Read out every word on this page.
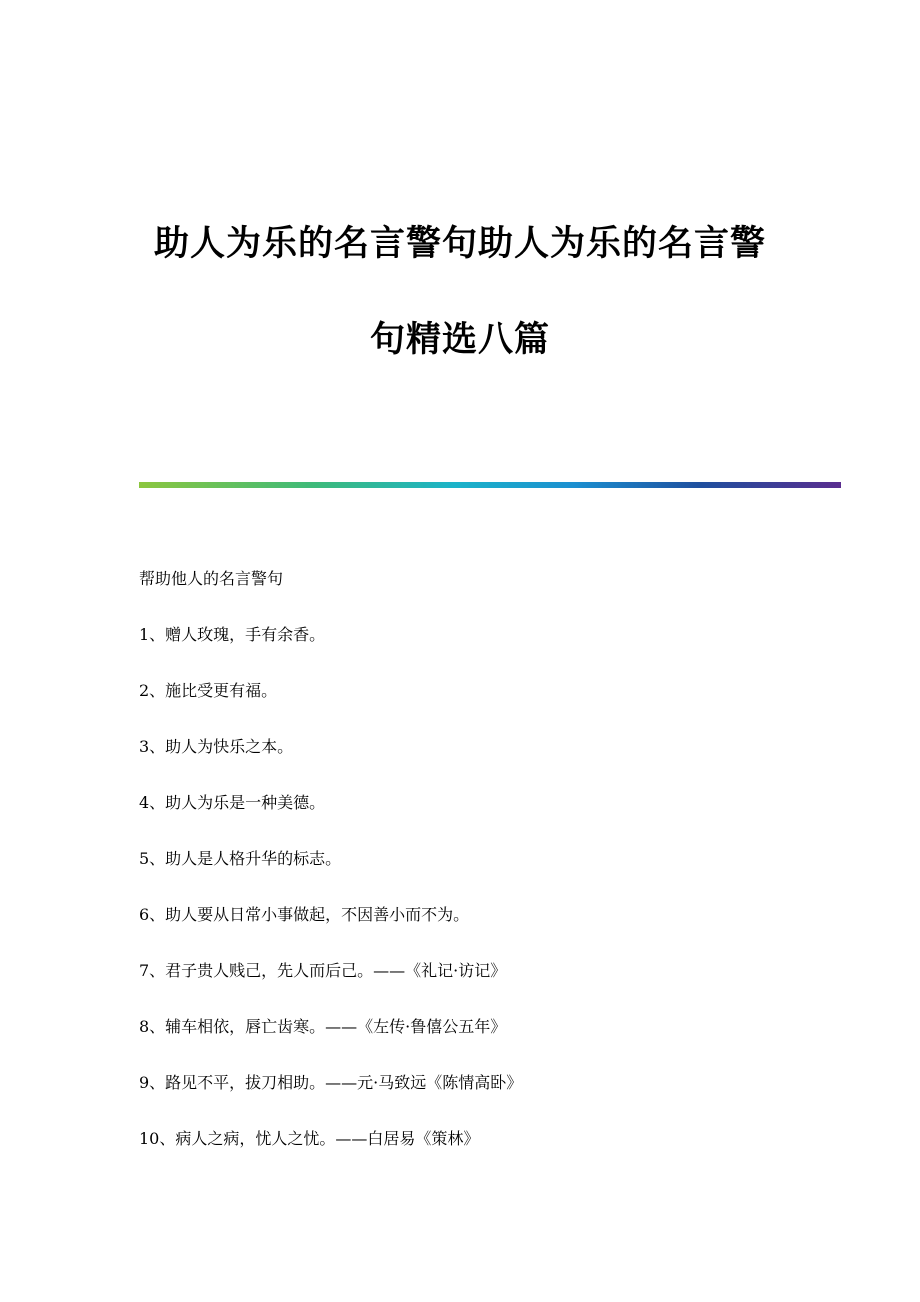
助人为乐的名言警句助人为乐的名言警
句精选八篇
帮助他人的名言警句
1、赠人玫瑰，手有余香。
2、施比受更有福。
3、助人为快乐之本。
4、助人为乐是一种美德。
5、助人是人格升华的标志。
6、助人要从日常小事做起，不因善小而不为。
7、君子贵人贱己，先人而后己。——《礼记·访记》
8、辅车相依，唇亡齿寒。——《左传·鲁僖公五年》
9、路见不平，拔刀相助。——元·马致远《陈情高卧》
10、病人之病，忧人之忧。——白居易《策林》
